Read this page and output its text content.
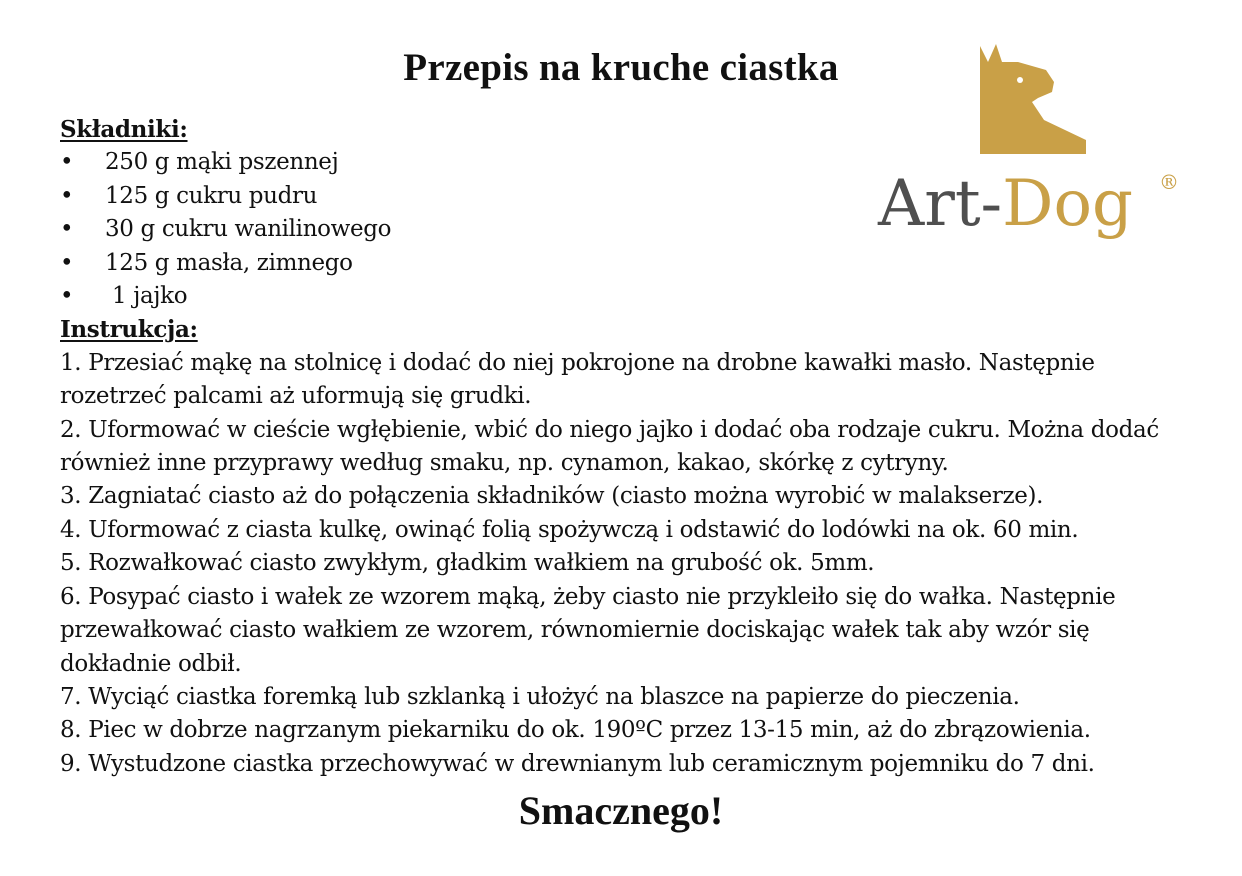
Przepis na kruche ciastka
Art-Dog ®
Składniki:
• 250 g mąki pszennej
• 125 g cukru pudru
• 30 g cukru wanilinowego
• 125 g masła, zimnego
• 1 jajko
Instrukcja:
1. Przesiać mąkę na stolnicę i dodać do niej pokrojone na drobne kawałki masło. Następnie rozetrzeć palcami aż uformują się grudki.
2. Uformować w cieście wgłębienie, wbić do niego jajko i dodać oba rodzaje cukru. Można dodać również inne przyprawy według smaku, np. cynamon, kakao, skórkę z cytryny.
3. Zagniatać ciasto aż do połączenia składników (ciasto można wyrobić w malakserze).
4. Uformować z ciasta kulkę, owinąć folią spożywczą i odstawić do lodówki na ok. 60 min.
5. Rozwałkować ciasto zwykłym, gładkim wałkiem na grubość ok. 5mm.
6. Posypać ciasto i wałek ze wzorem mąką, żeby ciasto nie przykleiło się do wałka. Następnie przewałkować ciasto wałkiem ze wzorem, równomiernie dociskając wałek tak aby wzór się dokładnie odbił.
7. Wyciąć ciastka foremką lub szklanką i ułożyć na blaszce na papierze do pieczenia.
8. Piec w dobrze nagrzanym piekarniku do ok. 190ºC przez 13-15 min, aż do zbrązowienia.
9. Wystudzone ciastka przechowywać w drewnianym lub ceramicznym pojemniku do 7 dni.
Smacznego!
